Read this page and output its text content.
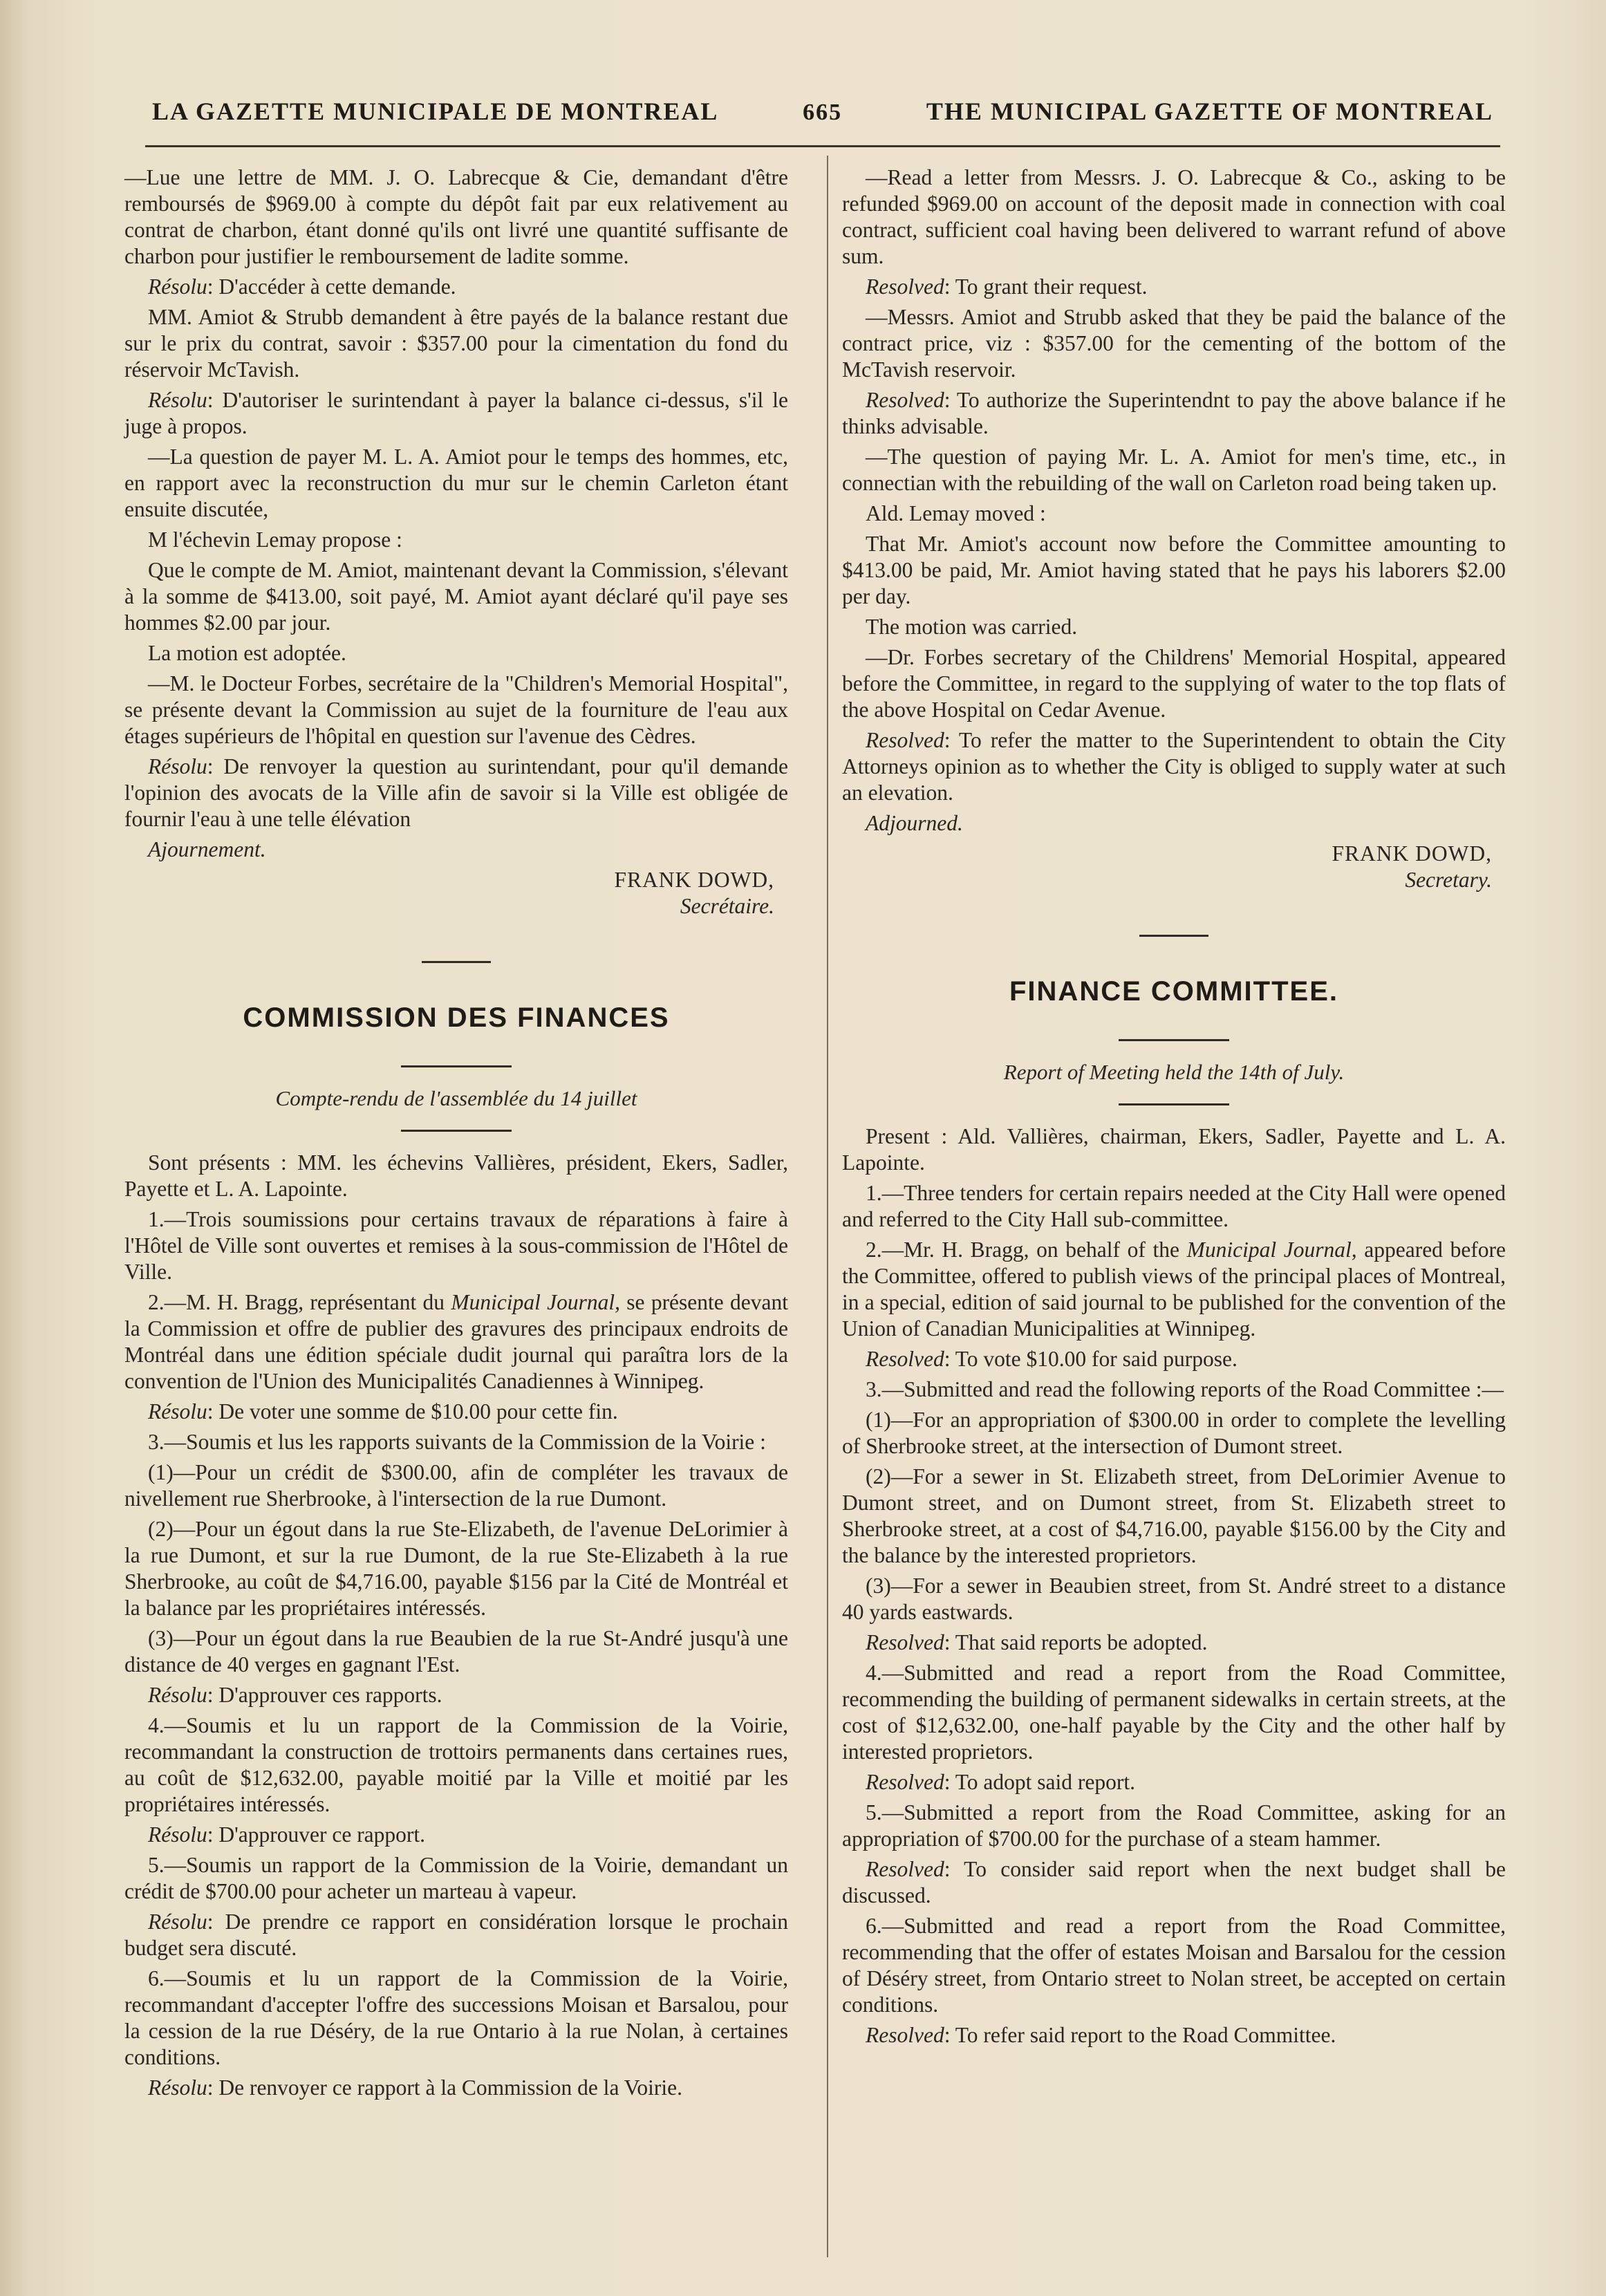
LA GAZETTE MUNICIPALE DE MONTREAL	665	THE MUNICIPAL GAZETTE OF MONTREAL

—Lue une lettre de MM. J. O. Labrecque & Cie, demandant d'être remboursés de $969.00 à compte du dépôt fait par eux relativement au contrat de charbon, étant donné qu'ils ont livré une quantité suffisante de charbon pour justifier le remboursement de ladite somme.

Résolu: D'accéder à cette demande.

MM. Amiot & Strubb demandent à être payés de la balance restant due sur le prix du contrat, savoir : $357.00 pour la cimentation du fond du réservoir McTavish.

Résolu: D'autoriser le surintendant à payer la balance ci-dessus, s'il le juge à propos.

—La question de payer M. L. A. Amiot pour le temps des hommes, etc, en rapport avec la reconstruction du mur sur le chemin Carleton étant ensuite discutée,

M l'échevin Lemay propose :

Que le compte de M. Amiot, maintenant devant la Commission, s'élevant à la somme de $413.00, soit payé, M. Amiot ayant déclaré qu'il paye ses hommes $2.00 par jour.

La motion est adoptée.

—M. le Docteur Forbes, secrétaire de la "Children's Memorial Hospital", se présente devant la Commission au sujet de la fourniture de l'eau aux étages supérieurs de l'hôpital en question sur l'avenue des Cèdres.

Résolu: De renvoyer la question au surintendant, pour qu'il demande l'opinion des avocats de la Ville afin de savoir si la Ville est obligée de fournir l'eau à une telle élévation

Ajournement.
FRANK DOWD,
Secrétaire.
COMMISSION DES FINANCES
Compte-rendu de l'assemblée du 14 juillet

Sont présents : MM. les échevins Vallières, président, Ekers, Sadler, Payette et L. A. Lapointe.

1.—Trois soumissions pour certains travaux de réparations à faire à l'Hôtel de Ville sont ouvertes et remises à la sous-commission de l'Hôtel de Ville.

2.—M. H. Bragg, représentant du Municipal Journal, se présente devant la Commission et offre de publier des gravures des principaux endroits de Montréal dans une édition spéciale dudit journal qui paraîtra lors de la convention de l'Union des Municipalités Canadiennes à Winnipeg.

Résolu: De voter une somme de $10.00 pour cette fin.

3.—Soumis et lus les rapports suivants de la Commission de la Voirie :

(1)—Pour un crédit de $300.00, afin de compléter les travaux de nivellement rue Sherbrooke, à l'intersection de la rue Dumont.

(2)—Pour un égout dans la rue Ste-Elizabeth, de l'avenue DeLorimier à la rue Dumont, et sur la rue Dumont, de la rue Ste-Elizabeth à la rue Sherbrooke, au coût de $4,716.00, payable $156 par la Cité de Montréal et la balance par les propriétaires intéressés.

(3)—Pour un égout dans la rue Beaubien de la rue St-André jusqu'à une distance de 40 verges en gagnant l'Est.

Résolu: D'approuver ces rapports.

4.—Soumis et lu un rapport de la Commission de la Voirie, recommandant la construction de trottoirs permanents dans certaines rues, au coût de $12,632.00, payable moitié par la Ville et moitié par les propriétaires intéressés.

Résolu: D'approuver ce rapport.

5.—Soumis un rapport de la Commission de la Voirie, demandant un crédit de $700.00 pour acheter un marteau à vapeur.

Résolu: De prendre ce rapport en considération lorsque le prochain budget sera discuté.

6.—Soumis et lu un rapport de la Commission de la Voirie, recommandant d'accepter l'offre des successions Moisan et Barsalou, pour la cession de la rue Déséry, de la rue Ontario à la rue Nolan, à certaines conditions.

Résolu: De renvoyer ce rapport à la Commission de la Voirie.

—Read a letter from Messrs. J. O. Labrecque & Co., asking to be refunded $969.00 on account of the deposit made in connection with coal contract, sufficient coal having been delivered to warrant refund of above sum.

Resolved: To grant their request.

—Messrs. Amiot and Strubb asked that they be paid the balance of the contract price, viz : $357.00 for the cementing of the bottom of the McTavish reservoir.

Resolved: To authorize the Superintendnt to pay the above balance if he thinks advisable.

—The question of paying Mr. L. A. Amiot for men's time, etc., in connectian with the rebuilding of the wall on Carleton road being taken up.

Ald. Lemay moved :

That Mr. Amiot's account now before the Committee amounting to $413.00 be paid, Mr. Amiot having stated that he pays his laborers $2.00 per day.

The motion was carried.

—Dr. Forbes secretary of the Childrens' Memorial Hospital, appeared before the Committee, in regard to the supplying of water to the top flats of the above Hospital on Cedar Avenue.

Resolved: To refer the matter to the Superintendent to obtain the City Attorneys opinion as to whether the City is obliged to supply water at such an elevation.

Adjourned.
FRANK DOWD,
Secretary.
FINANCE COMMITTEE.
Report of Meeting held the 14th of July.

Present : Ald. Vallières, chairman, Ekers, Sadler, Payette and L. A. Lapointe.

1.—Three tenders for certain repairs needed at the City Hall were opened and referred to the City Hall sub-committee.

2.—Mr. H. Bragg, on behalf of the Municipal Journal, appeared before the Committee, offered to publish views of the principal places of Montreal, in a special, edition of said journal to be published for the convention of the Union of Canadian Municipalities at Winnipeg.

Resolved: To vote $10.00 for said purpose.

3.—Submitted and read the following reports of the Road Committee :—

(1)—For an appropriation of $300.00 in order to complete the levelling of Sherbrooke street, at the intersection of Dumont street.

(2)—For a sewer in St. Elizabeth street, from DeLorimier Avenue to Dumont street, and on Dumont street, from St. Elizabeth street to Sherbrooke street, at a cost of $4,716.00, payable $156.00 by the City and the balance by the interested proprietors.

(3)—For a sewer in Beaubien street, from St. André street to a distance 40 yards eastwards.

Resolved: That said reports be adopted.

4.—Submitted and read a report from the Road Committee, recommending the building of permanent sidewalks in certain streets, at the cost of $12,632.00, one-half payable by the City and the other half by interested proprietors.

Resolved: To adopt said report.

5.—Submitted a report from the Road Committee, asking for an appropriation of $700.00 for the purchase of a steam hammer.

Resolved: To consider said report when the next budget shall be discussed.

6.—Submitted and read a report from the Road Committee, recommending that the offer of estates Moisan and Barsalou for the cession of Déséry street, from Ontario street to Nolan street, be accepted on certain conditions.

Resolved: To refer said report to the Road Committee.
